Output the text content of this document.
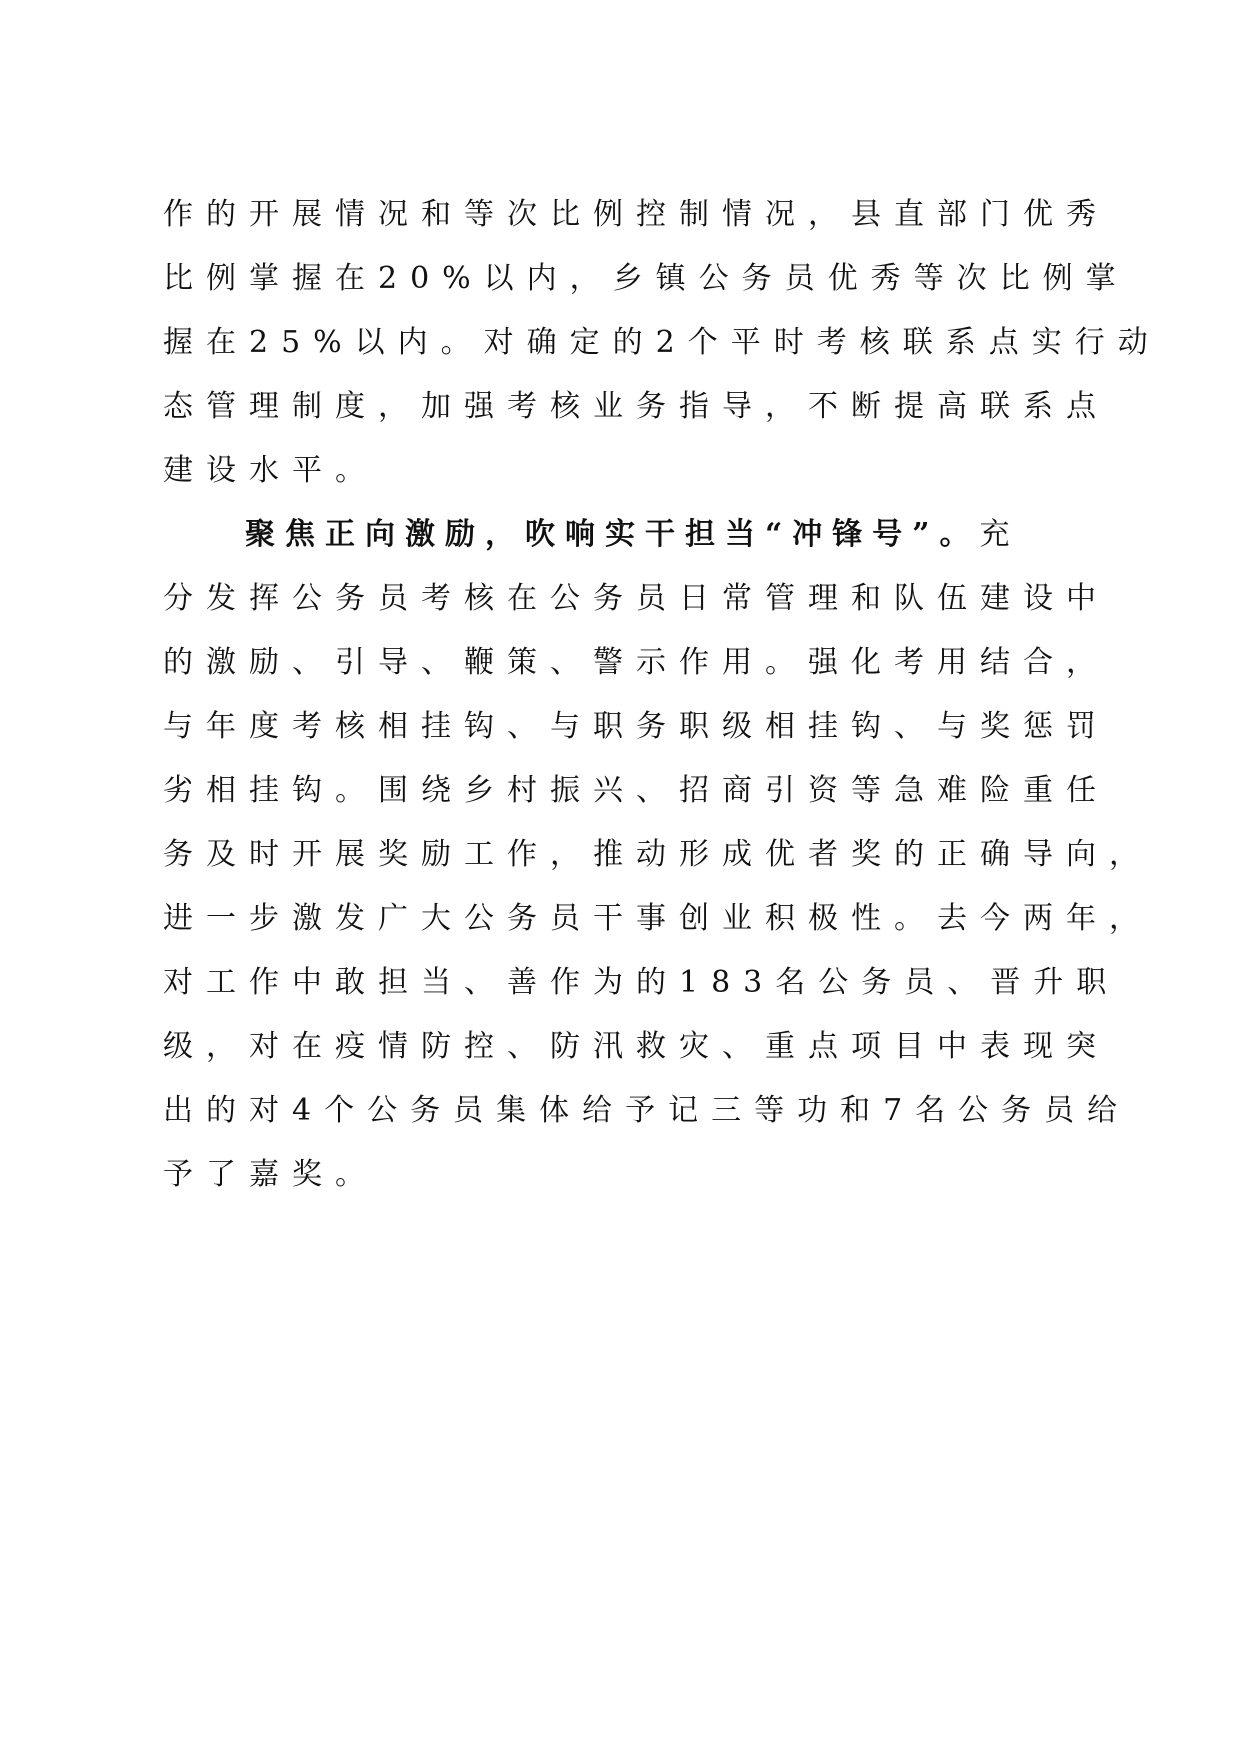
作的开展情况和等次比例控制情况，县直部门优秀

比例掌握在20%以内，乡镇公务员优秀等次比例掌

握在25%以内。对确定的2个平时考核联系点实行动

态管理制度，加强考核业务指导，不断提高联系点

建设水平。

聚焦正向激励，吹响实干担当“冲锋号”。充

分发挥公务员考核在公务员日常管理和队伍建设中

的激励、引导、鞭策、警示作用。强化考用结合，

与年度考核相挂钩、与职务职级相挂钩、与奖惩罚

劣相挂钩。围绕乡村振兴、招商引资等急难险重任

务及时开展奖励工作，推动形成优者奖的正确导向，

进一步激发广大公务员干事创业积极性。去今两年，

对工作中敢担当、善作为的183名公务员、晋升职

级，对在疫情防控、防汛救灾、重点项目中表现突

出的对4个公务员集体给予记三等功和7名公务员给

予了嘉奖。
